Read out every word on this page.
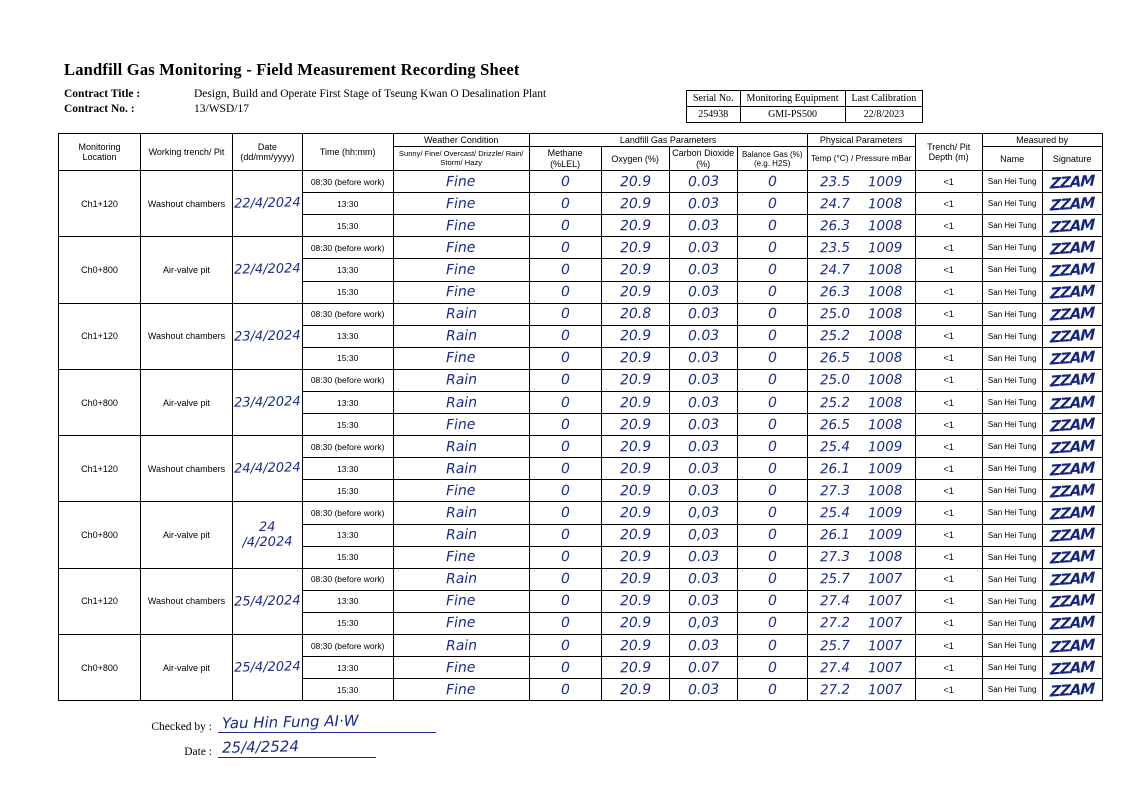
Landfill Gas Monitoring - Field Measurement Recording Sheet
Contract Title :	Design, Build and Operate First Stage of Tseung Kwan O Desalination Plant
Contract No. :	13/WSD/17
Serial No.	Monitoring Equipment	Last Calibration
254938	GMI-PS500	22/8/2023
Monitoring Location	Working trench/ Pit	Date (dd/mm/yyyy)	Time (hh:mm)	Weather Condition	Landfill Gas Parameters				Physical Parameters	Trench/ Pit Depth (m)	Measured by	
				Sunny/ Fine/ Overcast/ Drizzle/ Rain/ Storm/ Hazy	Methane (%LEL)	Oxygen (%)	Carbon Dioxide (%)	Balance Gas (%) (e.g. H2S)	Temp (°C) / Pressure mBar		Name	Signature
Ch1+120	Washout chambers	22/4/2024	08:30 (before work)	Fine	0	20.9	0.03	0	23.5 1009	<1	San Hei Tung	ZZAM
			13:30	Fine	0	20.9	0.03	0	24.7 1008	<1	San Hei Tung	ZZAM
			15:30	Fine	0	20.9	0.03	0	26.3 1008	<1	San Hei Tung	ZZAM
Ch0+800	Air-valve pit	22/4/2024	08:30 (before work)	Fine	0	20.9	0.03	0	23.5 1009	<1	San Hei Tung	ZZAM
			13:30	Fine	0	20.9	0.03	0	24.7 1008	<1	San Hei Tung	ZZAM
			15:30	Fine	0	20.9	0.03	0	26.3 1008	<1	San Hei Tung	ZZAM
Ch1+120	Washout chambers	23/4/2024	08:30 (before work)	Rain	0	20.8	0.03	0	25.0 1008	<1	San Hei Tung	ZZAM
			13:30	Rain	0	20.9	0.03	0	25.2 1008	<1	San Hei Tung	ZZAM
			15:30	Fine	0	20.9	0.03	0	26.5 1008	<1	San Hei Tung	ZZAM
Ch0+800	Air-valve pit	23/4/2024	08:30 (before work)	Rain	0	20.9	0.03	0	25.0 1008	<1	San Hei Tung	ZZAM
			13:30	Rain	0	20.9	0.03	0	25.2 1008	<1	San Hei Tung	ZZAM
			15:30	Fine	0	20.9	0.03	0	26.5 1008	<1	San Hei Tung	ZZAM
Ch1+120	Washout chambers	24/4/2024	08:30 (before work)	Rain	0	20.9	0.03	0	25.4 1009	<1	San Hei Tung	ZZAM
			13:30	Rain	0	20.9	0.03	0	26.1 1009	<1	San Hei Tung	ZZAM
			15:30	Fine	0	20.9	0.03	0	27.3 1008	<1	San Hei Tung	ZZAM
Ch0+800	Air-valve pit	24 /4/2024	08:30 (before work)	Rain	0	20.9	0,03	0	25.4 1009	<1	San Hei Tung	ZZAM
			13:30	Rain	0	20.9	0,03	0	26.1 1009	<1	San Hei Tung	ZZAM
			15:30	Fine	0	20.9	0.03	0	27.3 1008	<1	San Hei Tung	ZZAM
Ch1+120	Washout chambers	25/4/2024	08:30 (before work)	Rain	0	20.9	0.03	0	25.7 1007	<1	San Hei Tung	ZZAM
			13:30	Fine	0	20.9	0.03	0	27.4 1007	<1	San Hei Tung	ZZAM
			15:30	Fine	0	20.9	0,03	0	27.2 1007	<1	San Hei Tung	ZZAM
Ch0+800	Air-valve pit	25/4/2024	08:30 (before work)	Rain	0	20.9	0.03	0	25.7 1007	<1	San Hei Tung	ZZAM
			13:30	Fine	0	20.9	0.07	0	27.4 1007	<1	San Hei Tung	ZZAM
			15:30	Fine	0	20.9	0.03	0	27.2 1007	<1	San Hei Tung	ZZAM
Checked by : Yau Hin Fung AI·W
Date : 25/4/2524
